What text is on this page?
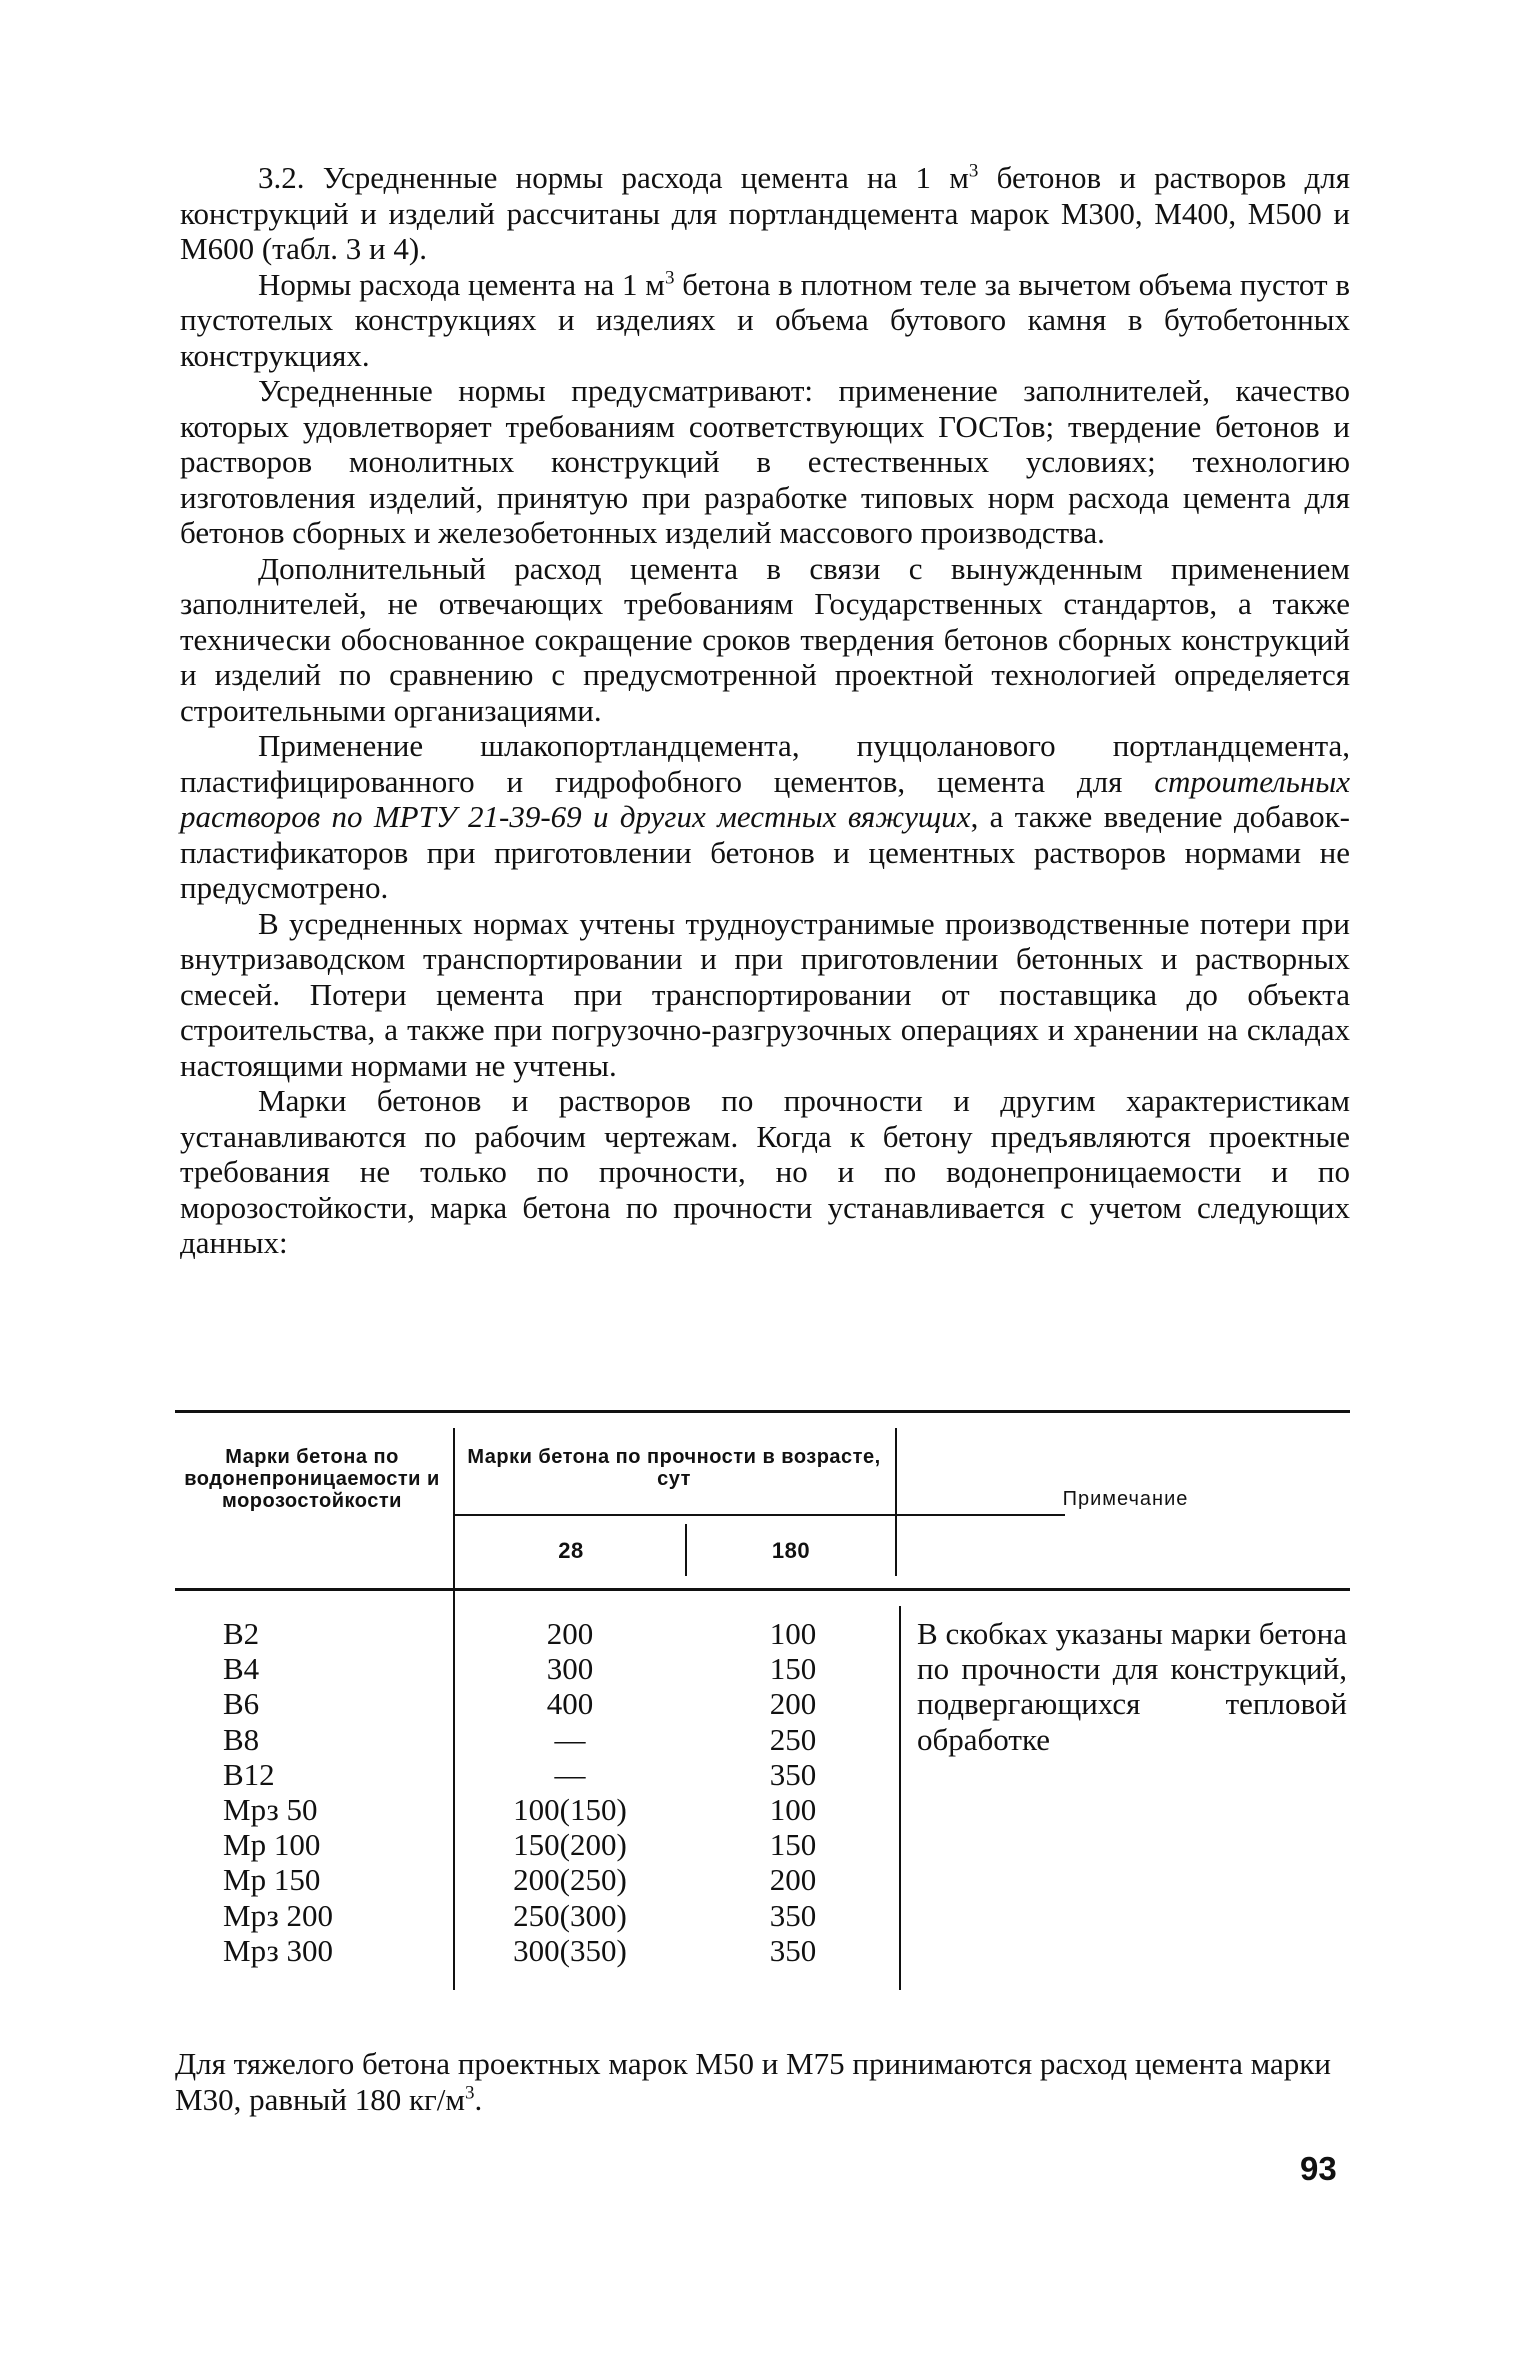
3.2. Усредненные нормы расхода цемента на 1 $м^3$ бетонов и растворов для конструкций и изделий рассчитаны для портландцемента марок М300, М400, М500 и М600 (табл. 3 и 4).

Нормы расхода цемента на 1 $м^3$ бетона в плотном теле за вычетом объема пустот в пустотелых конструкциях и изделиях и объема бутового камня в бутобетонных конструкциях.

Усредненные нормы предусматривают: применение заполнителей, качество которых удовлетворяет требованиям соответствующих ГОСТов; твердение бетонов и растворов монолитных конструкций в естественных условиях; технологию изготовления изделий, принятую при разработке типовых норм расхода цемента для бетонов сборных и железобетонных изделий массового производства.

Дополнительный расход цемента в связи с вынужденным применением заполнителей, не отвечающих требованиям Государственных стандартов, а также технически обоснованное сокращение сроков твердения бетонов сборных конструкций и изделий по сравнению с предусмотренной проектной технологией определяется строительными организациями.

Применение шлакопортландцемента, пуццоланового портландцемента, пластифицированного и гидрофобного цементов, цемента для строительных растворов по МРТУ 21-39-69 и других местных вяжущих, а также введение добавок-пластификаторов при приготовлении бетонов и цементных растворов нормами не предусмотрено.

В усредненных нормах учтены трудноустранимые производственные потери при внутризаводском транспортировании и при приготовлении бетонных и растворных смесей. Потери цемента при транспортировании от поставщика до объекта строительства, а также при погрузочно-разгрузочных операциях и хранении на складах настоящими нормами не учтены.

Марки бетонов и растворов по прочности и другим характеристикам устанавливаются по рабочим чертежам. Когда к бетону предъявляются проектные требования не только по прочности, но и по водонепроницаемости и по морозостойкости, марка бетона по прочности устанавливается с учетом следующих данных:

Марки бетона по водонепроницаемости и морозостойкости
Марки бетона по прочности в возрасте, сут
28	180
Примечание
В2
В4
В6
В8
В12
Мрз 50
Мр 100
Мр 150
Мрз 200
Мрз 300
200
300
400
—
—
100(150)
150(200)
200(250)
250(300)
300(350)
100
150
200
250
350
100
150
200
350
350
В скобках указаны марки бетона по прочности для конструкций, подвергающихся тепловой обработке
Для тяжелого бетона проектных марок М50 и М75 принимаются расход цемента марки М30, равный 180 $кг/м^3$.
93
